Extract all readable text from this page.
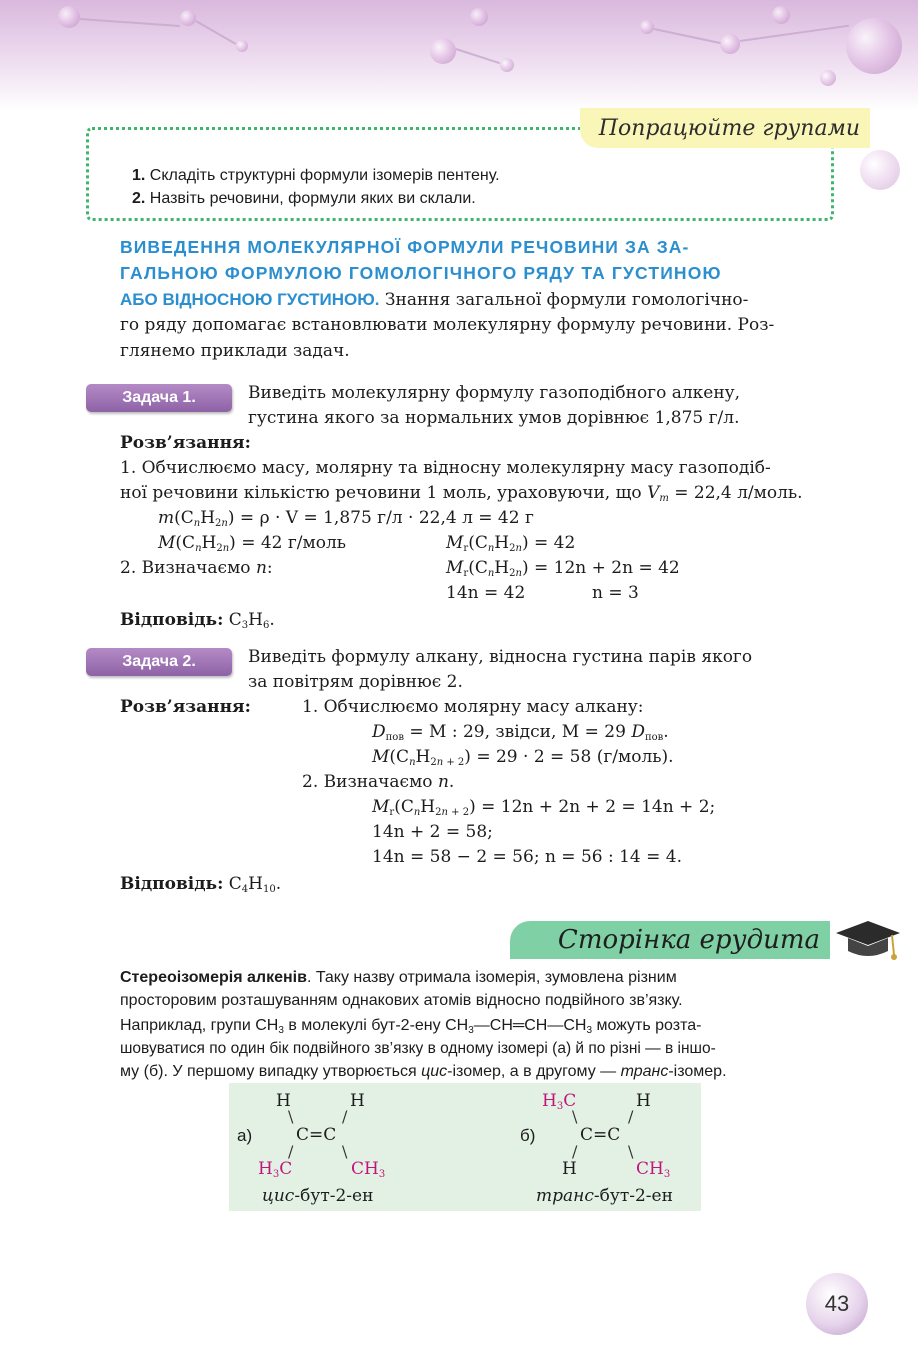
Попрацюйте групами
1. Складіть структурні формули ізомерів пентену.
2. Назвіть речовини, формули яких ви склали.
ВИВЕДЕННЯ МОЛЕКУЛЯРНОЇ ФОРМУЛИ РЕЧОВИНИ ЗА ЗА-
ГАЛЬНОЮ ФОРМУЛОЮ ГОМОЛОГІЧНОГО РЯДУ ТА ГУСТИНОЮ
АБО ВІДНОСНОЮ ГУСТИНОЮ. Знання загальної формули гомологічно-
го ряду допомагає встановлювати молекулярну формулу речовини. Роз-
глянемо приклади задач.
Задача 1.	Виведіть молекулярну формулу газоподібного алкену,
густина якого за нормальних умов дорівнює 1,875 г/л.
Розв’язання:
1. Обчислюємо масу, молярну та відносну молекулярну масу газоподіб-
ної речовини кількістю речовини 1 моль, ураховуючи, що $V_m = 22,4$ л/моль.
$m(C_nH_{2n}) = \rho \cdot V = 1,875$ г/л · 22,4 л = 42 г
$M(C_nH_{2n}) = 42$ г/моль	$M_r(C_nH_{2n}) = 42$
2. Визначаємо n:	$M_r(C_nH_{2n}) = 12n + 2n = 42$
14n = 42	n = 3
Відповідь: $C_3H_6$.
Задача 2.	Виведіть формулу алкану, відносна густина парів якого
за повітрям дорівнює 2.
Розв’язання:	1. Обчислюємо молярну масу алкану:
$D_{пов} = M$ : 29, звідси, M = 29 $D_{пов}$.
$M(C_nH_{2n + 2}) = 29 \cdot 2 = 58$ (г/моль).
2. Визначаємо n.
$M_r(C_nH_{2n + 2}) = 12n + 2n + 2 = 14n + 2$;
14n + 2 = 58;
14n = 58 − 2 = 56; n = 56 : 14 = 4.
Відповідь: $C_4H_{10}$.
Сторінка ерудита
Стереоізомерія алкенів. Таку назву отримала ізомерія, зумовлена різним
просторовим розташуванням однакових атомів відносно подвійного зв’язку.
Наприклад, групи $CH_3$ в молекулі бут-2-ену $CH_3—CH═CH—CH_3$ можуть розта-
шовуватися по один бік подвійного зв’язку в одному ізомері (а) й по різні — в іншо-
му (б). У першому випадку утворюється цис-ізомер, а в другому — транс-ізомер.
а)
H	H
\	/
C=C
/	\
$H_3C$	$CH_3$
цис-бут-2-ен
б)
$H_3C$	H
\	/
C=C
/	\
H	$CH_3$
транс-бут-2-ен
43
